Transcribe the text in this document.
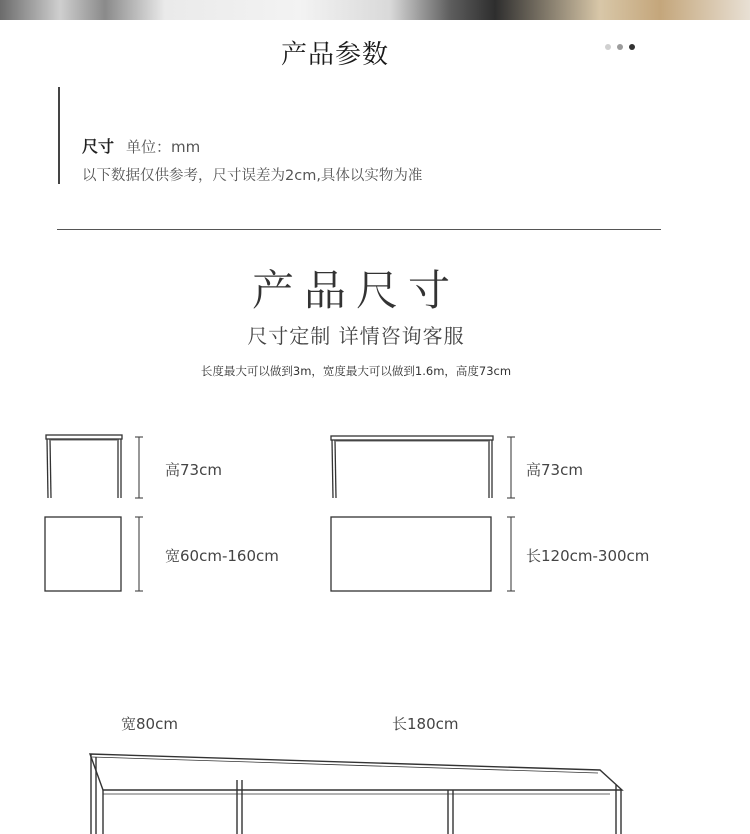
产品参数
尺寸 单位：mm
以下数据仅供参考，尺寸误差为2cm,具体以实物为准
产品尺寸
尺寸定制 详情咨询客服
长度最大可以做到3m，宽度最大可以做到1.6m，高度73cm
高73cm
宽60cm-160cm
高73cm
长120cm-300cm
宽80cm	长180cm
